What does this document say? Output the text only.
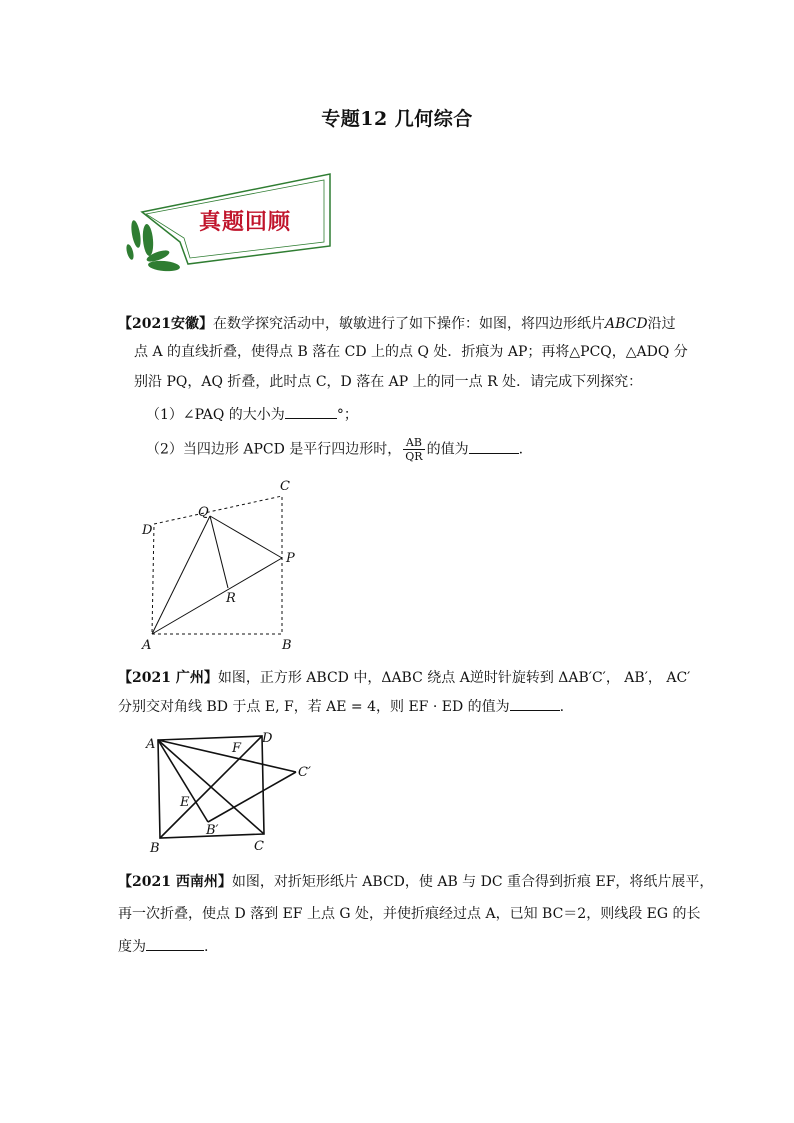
专题12 几何综合
真题回顾
【2021安徽】在数学探究活动中，敏敏进行了如下操作：如图，将四边形纸片ABCD沿过
点 A 的直线折叠，使得点 B 落在 CD 上的点 Q 处．折痕为 AP；再将△PCQ，△ADQ 分
别沿 PQ，AQ 折叠，此时点 C，D 落在 AP 上的同一点 R 处．请完成下列探究：
（1）∠PAQ 的大小为	°；
（2）当四边形 APCD 是平行四边形时， $\frac{AB}{QR}$ 的值为	.
A	B
C
D
P
Q
R
【2021 广州】如图，正方形 ABCD 中，ΔABC 绕点 A逆时针旋转到 ΔAB′C′， AB′， AC′
分别交对角线 BD 于点 E, F，若 AE = 4，则 EF · ED 的值为	.
A
B	C
D
E
F
B′
C′
【2021 西南州】如图，对折矩形纸片 ABCD，使 AB 与 DC 重合得到折痕 EF，将纸片展平，
再一次折叠，使点 D 落到 EF 上点 G 处，并使折痕经过点 A，已知 BC＝2，则线段 EG 的长
度为	.
